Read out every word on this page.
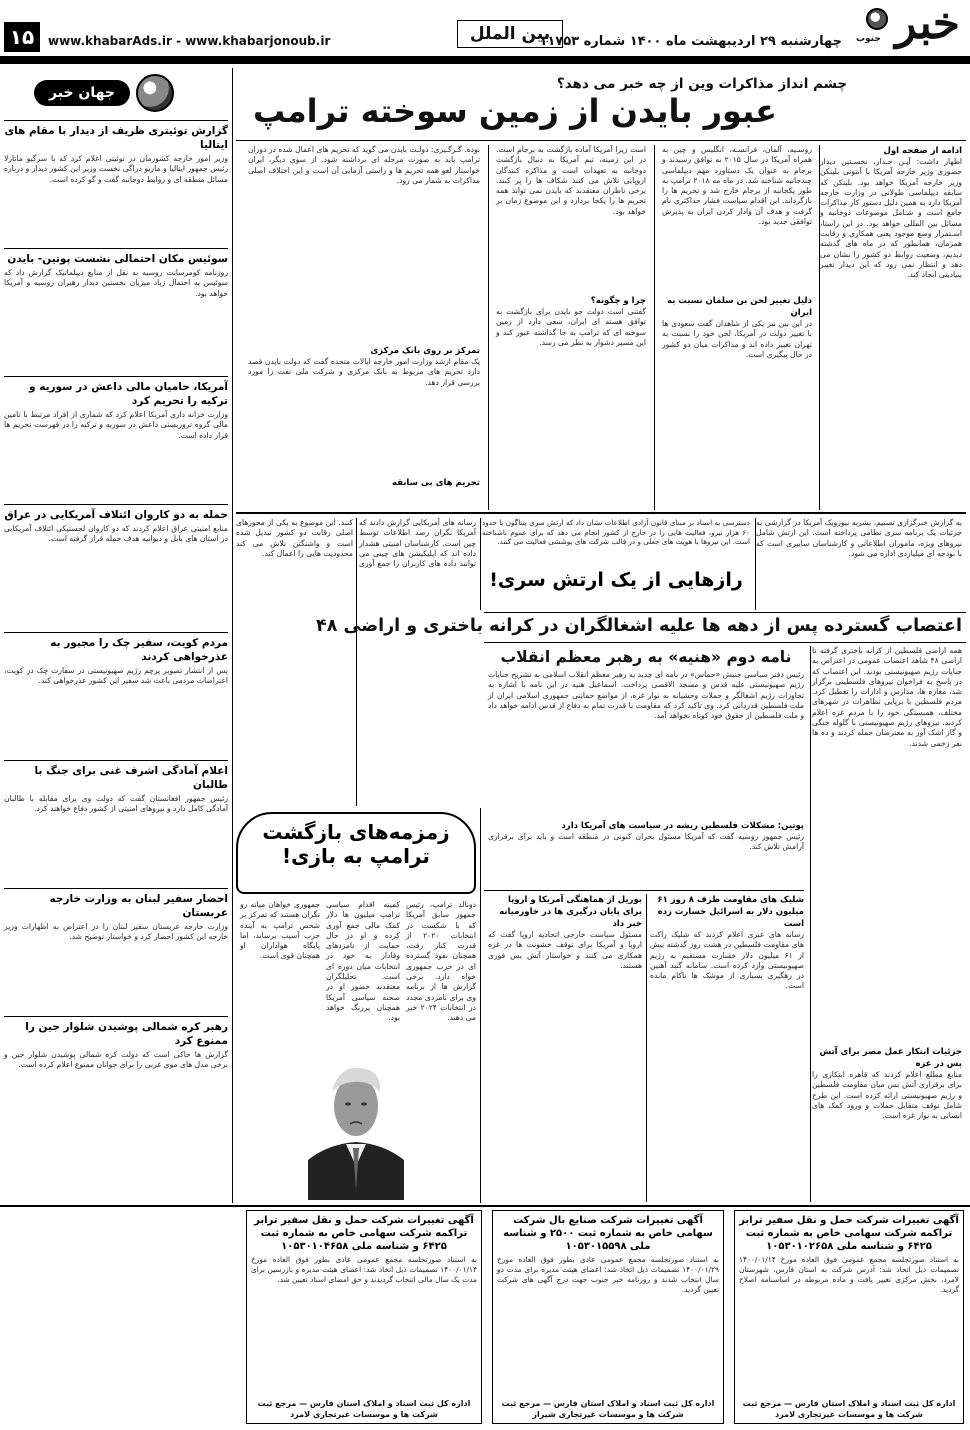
خبر
جنوب
چهارشنبه ۲۹ اردیبهشت ماه ۱۴۰۰ شماره ۱۱۷۵۳
بین الملل
www.khabarAds.ir - www.khabarjonoub.ir
۱۵
KHABAR-E-JONOUB MORNING NEWSPAPER
چشم انداز مذاکرات وین از چه خبر می دهد؟
عبور بایدن از زمین سوخته ترامپ
ادامه از صفحه اول
اظهار داشت: آیـن جـدار، نخسـتین دیدار حضوری وزیر خارجه آمریکا با آنتونی بلینکن وزیر خارجه آمریکا خواهد بود. بلینکن که سابقه دیپلماسی طولانی در وزارت خارجه آمریکا دارد به همین دلیل دستور کار مذاکرات جامع است و شـامل موضوعات دوجانبه و مسائل بین المللی خواهد بود. در این راستا، اسـتمرار وضع موجود یعنی همکاری و رقابت همزمان، همانطور که در ماه های گذشته دیدیم، وضعیت روابط دو کشور را نشان می دهد و انتظار نمی رود که این دیدار تغییر بنیادینی ایجاد کند.
روسـیه، آلمان، فرانسـه، انگلیس و چین به همراه آمریکا در سال ۲۰۱۵ به توافق رسیدند و برجام به عنوان یک دستاورد مهم دیپلماسی چندجانبه شناخته شد. در ماه مه ۲۰۱۸ ترامپ به طور یکجانبه از برجام خارج شد و تحریم ها را بازگرداند. این اقدام سیاست فشار حداکثری نام گرفت و هدف آن وادار کردن ایران به پذیرش توافقی جدید بود.
دلیل تغییر لحن بن سلمان نسبت به ایران
در این بین نیز یکی از شاهدان گفت سعودی ها با تغییر دولت در آمریکا، لحن خود را نسبت به تهران تغییر داده اند و مذاکرات میان دو کشور در حال پیگیری است.
است زیرا آمریکا آماده بازگشت به برجام است. در این زمینه، تیم آمریکا به دنبال بازگشت دوجانبه به تعهدات است و مذاکره کنندگان اروپایی تلاش می کنند شکاف ها را پر کنند. برخی ناظران معتقدند که بایدن نمی تواند همه تحریم ها را یکجا بردارد و این موضوع زمان بر خواهد بود.
چرا و چگونه؟
گفتنی است دولت جو بایدن برای بازگشت به توافق هسته ای ایران، سعی دارد از زمین سوخته ای که ترامپ به جا گذاشته عبور کند و این مسیر دشوار به نظر می رسد.
بوده. گـرگـیزی: دولـت بایدن می گوید که تحریم های اعمال شده در دوران ترامپ باید به صورت مرحله ای برداشته شود. از سوی دیگر، ایران خواستار لغو همه تحریم ها و راستی آزمایی آن است و این اختلاف اصلی مذاکرات به شمار می رود.
تمرکز بر روی بانک مرکزی
یک مقام ارشد وزارت امور خارجه ایالات متحده گفت که دولت بایدن قصد دارد تحریم های مربوط به بانک مرکزی و شرکت ملی نفت را مورد بررسی قرار دهد.
تحریم های بی سابقه
به گزارش خبرگزاری تسنیم، نشریه نیوزویک آمریکا در گزارشی به جزئیات یک برنامه سری نظامی پرداخته است. این ارتش شامل نیروهای ویژه، ماموران اطلاعاتی و کارشناسان سایبری است که با بودجه ای میلیاردی اداره می شود.
دسترسی به اسناد بر مبنای قانون آزادی اطلاعات نشان داد که ارتش سری پنتاگون با حدود ۶۰ هزار نیرو، فعالیت هایی را در خارج از کشور انجام می دهد که برای عموم ناشناخته است. این نیروها با هویت های جعلی و در قالب شرکت های پوششی فعالیت می کنند.
رازهایی از یک ارتش سری!
رسانه های آمریکایی گزارش دادند که آمریکا نگران رصد اطلاعات توسط چین است. کارشناسان امنیتی هشدار داده اند که اپلیکیشن های چینی می توانند داده های کاربران را جمع آوری کنند. این موضوع به یکی از محورهای اصلی رقابت دو کشور تبدیل شده است و واشنگتن تلاش می کند محدودیت هایی را اعمال کند.
اعتصاب گسترده پس از دهه ها علیه اشغالگران در کرانه باختری و اراضی ۴۸
همه اراضی فلسطین از کرانه باختری گرفته تا اراضی ۴۸ شاهد اعتصاب عمومی در اعتراض به جنایات رژیم صهیونیستی بودند. این اعتصاب که در پاسخ به فراخوان نیروهای فلسطینی برگزار شد، مغازه ها، مدارس و ادارات را تعطیل کرد. مردم فلسطین با برپایی تظاهرات در شهرهای مختلف، همبستگی خود را با مردم غزه اعلام کردند. نیروهای رژیم صهیونیستی با گلوله جنگی و گاز اشک آور به معترضان حمله کردند و ده ها نفر زخمی شدند.
جزئیات ابتکار عمل مصر برای آتش بس در غزه
منابع مطلع اعلام کردند که قاهره ابتکاری را برای برقراری آتش بس میان مقاومت فلسطین و رژیم صهیونیستی ارائه کرده است. این طرح شامل توقف متقابل حملات و ورود کمک های انسانی به نوار غزه است.
نامه دوم «هنیه» به رهبر معظم انقلاب
رئیس دفتر سیاسی جنبش «حماس» در نامه ای جدید به رهبر معظم انقلاب اسلامی به تشریح جنایات رژیم صهیونیستی علیه قدس و مسجد الاقصی پرداخت. اسماعیل هنیه در این نامه با اشاره به تجاوزات رژیم اشغالگر و حملات وحشیانه به نوار غزه، از مواضع حمایتی جمهوری اسلامی ایران از ملت فلسطین قدردانی کرد. وی تاکید کرد که مقاومت با قدرت تمام به دفاع از قدس ادامه خواهد داد و ملت فلسطین از حقوق خود کوتاه نخواهد آمد.
پوتین: مشکلات فلسطین ریشه در سیاست های آمریکا دارد
رئیس جمهور روسیه گفت که آمریکا مسئول بحران کنونی در منطقه است و باید برای برقراری آرامش تلاش کند.
شلیک های مقاومت ظرف ۸ روز ۶۱ میلیون دلار به اسرائیل خسارت زده است
رسانه های عبری اعلام کردند که شلیک راکت های مقاومت فلسطین در هشت روز گذشته بیش از ۶۱ میلیون دلار خسارت مستقیم به رژیم صهیونیستی وارد کرده است. سامانه گنبد آهنین در رهگیری بسیاری از موشک ها ناکام مانده است.
بوریل از هماهنگی آمریکا و اروپا برای پایان درگیری ها در خاورمیانه خبر داد
مسئول سیاست خارجی اتحادیه اروپا گفت که اروپا و آمریکا برای توقف خشونت ها در غزه همکاری می کنند و خواستار آتش بس فوری هستند.
زمزمه‌های بازگشت ترامپ به بازی!
دونالد ترامپ، رئیس جمهور سابق آمریکا که با شکست در انتخابات ۲۰۲۰ از قدرت کنار رفت، همچنان نفوذ گسترده ای در حزب جمهوری خواه دارد. برخی گزارش ها از برنامه وی برای نامزدی مجدد در انتخابات ۲۰۲۴ خبر می دهند.
کمیته اقدام سیاسی ترامپ میلیون ها دلار کمک مالی جمع آوری کرده و او در حال حمایت از نامزدهای وفادار به خود در انتخابات میان دوره ای است. تحلیلگران معتقدند حضور او در صحنه سیاسی آمریکا همچنان پررنگ خواهد بود.
جمهوری خواهان میانه رو نگران هستند که تمرکز بر شخص ترامپ به آینده حزب آسیب برساند، اما پایگاه هواداران او همچنان قوی است.
جهان خبر
گزارش توئیتری ظریف از دیدار با مقام های ایتالیا
وزیر امور خارجه کشورمان در توئیتی اعلام کرد که با سرگیو ماتارلا رئیس جمهور ایتالیا و ماریو دراگی نخست وزیر این کشور دیدار و درباره مسائل منطقه ای و روابط دوجانبه گفت و گو کرده است.
سوئیس مکان احتمالی نشست پوتین- بایدن
روزنامه کومرسانت روسیه به نقل از منابع دیپلماتیک گزارش داد که سوئیس به احتمال زیاد میزبان نخستین دیدار رهبران روسیه و آمریکا خواهد بود.
آمریکا، حامیان مالی داعش در سوریه و ترکیه را تحریم کرد
وزارت خزانه داری آمریکا اعلام کرد که شماری از افراد مرتبط با تامین مالی گروه تروریستی داعش در سوریه و ترکیه را در فهرست تحریم ها قرار داده است.
حمله به دو کاروان ائتلاف آمریکایی در عراق
منابع امنیتی عراق اعلام کردند که دو کاروان لجستیکی ائتلاف آمریکایی در استان های بابل و دیوانیه هدف حمله قرار گرفته است.
مردم کویت، سفیر چک را مجبور به عذرخواهی کردند
پس از انتشار تصویر پرچم رژیم صهیونیستی در سفارت چک در کویت، اعتراضات مردمی باعث شد سفیر این کشور عذرخواهی کند.
اعلام آمادگی اشرف غنی برای جنگ با طالبان
رئیس جمهور افغانستان گفت که دولت وی برای مقابله با طالبان آمادگی کامل دارد و نیروهای امنیتی از کشور دفاع خواهند کرد.
احضار سفیر لبنان به وزارت خارجه عربستان
وزارت خارجه عربستان سفیر لبنان را در اعتراض به اظهارات وزیر خارجه این کشور احضار کرد و خواستار توضیح شد.
رهبر کره شمالی پوشیدن شلوار جین را ممنوع کرد
گزارش ها حاکی است که دولت کره شمالی پوشیدن شلوار جین و برخی مدل های موی غربی را برای جوانان ممنوع اعلام کرده است.
آگهی تغییرات شرکت حمل و نقل سفیر ترابر تراکمه شرکت سهامی خاص به شماره ثبت ۶۴۲۵ و شناسه ملی ۱۰۵۳۰۱۰۲۶۵۸
به استناد صورتجلسه مجمع عمومی فوق العاده مورخ ۱۴۰۰/۰۱/۱۴ تصمیمات ذیل اتخاذ شد: آدرس شرکت به استان فارس، شهرستان لامرد، بخش مرکزی تغییر یافت و ماده مربوطه در اساسنامه اصلاح گردید.
اداره کل ثبت اسناد و املاک استان فارس — مرجع ثبت شرکت ها و موسسات غیرتجاری لامرد
آگهی تغییرات شرکت صنایع بال شرکت سهامی خاص به شماره ثبت ۲۵۰۰ و شناسه ملی ۱۰۵۳۰۱۵۵۹۸
به استناد صورتجلسه مجمع عمومی عادی بطور فوق العاده مورخ ۱۴۰۰/۰۱/۲۹ تصمیمات ذیل اتخاذ شد: اعضای هیئت مدیره برای مدت دو سال انتخاب شدند و روزنامه خبر جنوب جهت درج آگهی های شرکت تعیین گردید.
اداره کل ثبت اسناد و املاک استان فارس — مرجع ثبت شرکت ها و موسسات غیرتجاری شیراز
آگهی تغییرات شرکت حمل و نقل سفیر ترابر تراکمه شرکت سهامی خاص به شماره ثبت ۶۴۲۵ و شناسه ملی ۱۰۵۳۰۱۰۴۶۵۸
به استناد صورتجلسه مجمع عمومی عادی بطور فوق العاده مورخ ۱۴۰۰/۰۱/۱۴ تصمیمات ذیل اتخاذ شد: اعضای هیئت مدیره و بازرسین برای مدت یک سال مالی انتخاب گردیدند و حق امضای اسناد تعیین شد.
اداره کل ثبت اسناد و املاک استان فارس — مرجع ثبت شرکت ها و موسسات غیرتجاری لامرد
